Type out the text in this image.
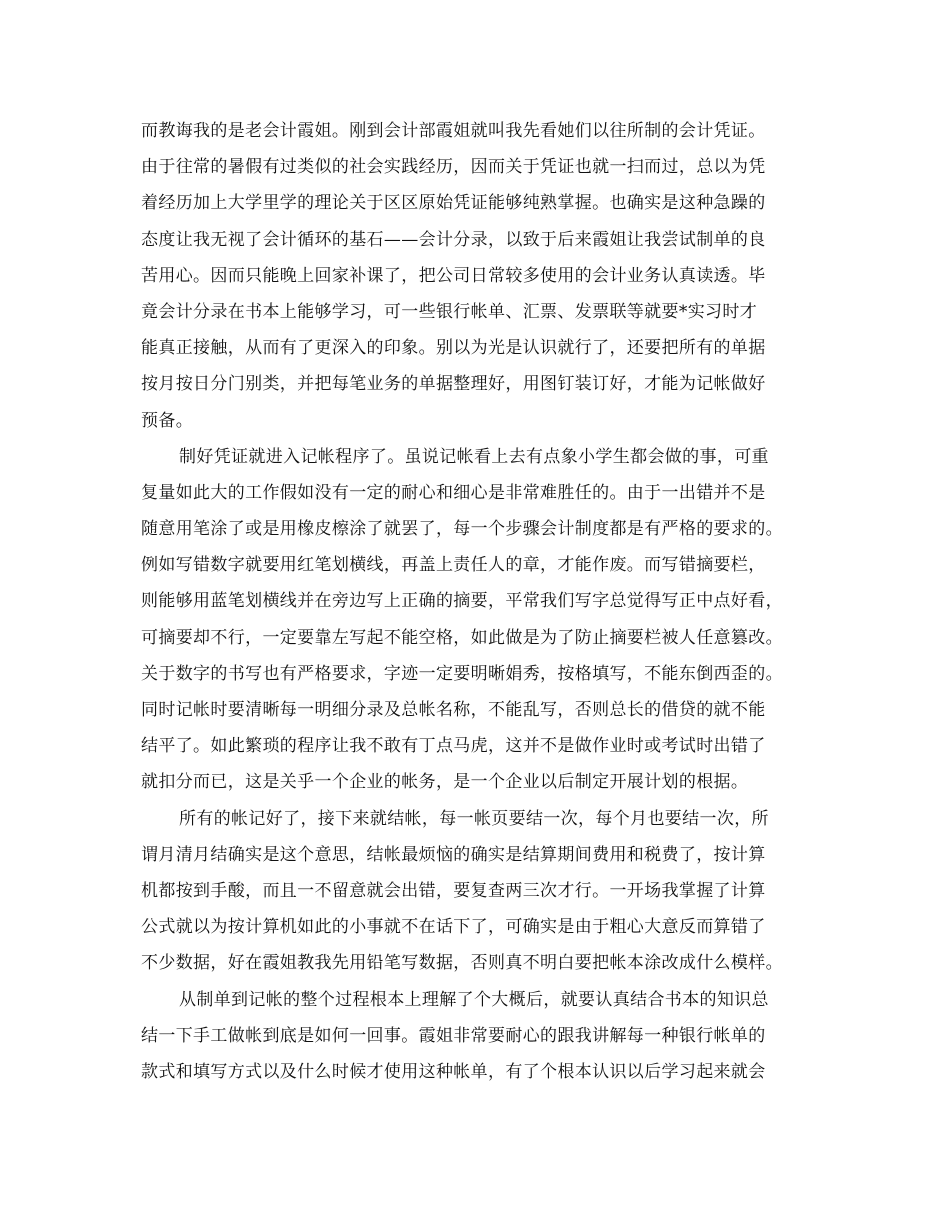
而教诲我的是老会计霞姐。刚到会计部霞姐就叫我先看她们以往所制的会计凭证。
由于往常的暑假有过类似的社会实践经历，因而关于凭证也就一扫而过，总以为凭
着经历加上大学里学的理论关于区区原始凭证能够纯熟掌握。也确实是这种急躁的
态度让我无视了会计循环的基石——会计分录，以致于后来霞姐让我尝试制单的良
苦用心。因而只能晚上回家补课了，把公司日常较多使用的会计业务认真读透。毕
竟会计分录在书本上能够学习，可一些银行帐单、汇票、发票联等就要*实习时才
能真正接触，从而有了更深入的印象。别以为光是认识就行了，还要把所有的单据
按月按日分门别类，并把每笔业务的单据整理好，用图钉装订好，才能为记帐做好
预备。
制好凭证就进入记帐程序了。虽说记帐看上去有点象小学生都会做的事，可重
复量如此大的工作假如没有一定的耐心和细心是非常难胜任的。由于一出错并不是
随意用笔涂了或是用橡皮檫涂了就罢了，每一个步骤会计制度都是有严格的要求的。
例如写错数字就要用红笔划横线，再盖上责任人的章，才能作废。而写错摘要栏，
则能够用蓝笔划横线并在旁边写上正确的摘要，平常我们写字总觉得写正中点好看，
可摘要却不行，一定要靠左写起不能空格，如此做是为了防止摘要栏被人任意篡改。
关于数字的书写也有严格要求，字迹一定要明晰娟秀，按格填写，不能东倒西歪的。
同时记帐时要清晰每一明细分录及总帐名称，不能乱写，否则总长的借贷的就不能
结平了。如此繁琐的程序让我不敢有丁点马虎，这并不是做作业时或考试时出错了
就扣分而已，这是关乎一个企业的帐务，是一个企业以后制定开展计划的根据。
所有的帐记好了，接下来就结帐，每一帐页要结一次，每个月也要结一次，所
谓月清月结确实是这个意思，结帐最烦恼的确实是结算期间费用和税费了，按计算
机都按到手酸，而且一不留意就会出错，要复查两三次才行。一开场我掌握了计算
公式就以为按计算机如此的小事就不在话下了，可确实是由于粗心大意反而算错了
不少数据，好在霞姐教我先用铅笔写数据，否则真不明白要把帐本涂改成什么模样。
从制单到记帐的整个过程根本上理解了个大概后，就要认真结合书本的知识总
结一下手工做帐到底是如何一回事。霞姐非常要耐心的跟我讲解每一种银行帐单的
款式和填写方式以及什么时候才使用这种帐单，有了个根本认识以后学习起来就会
